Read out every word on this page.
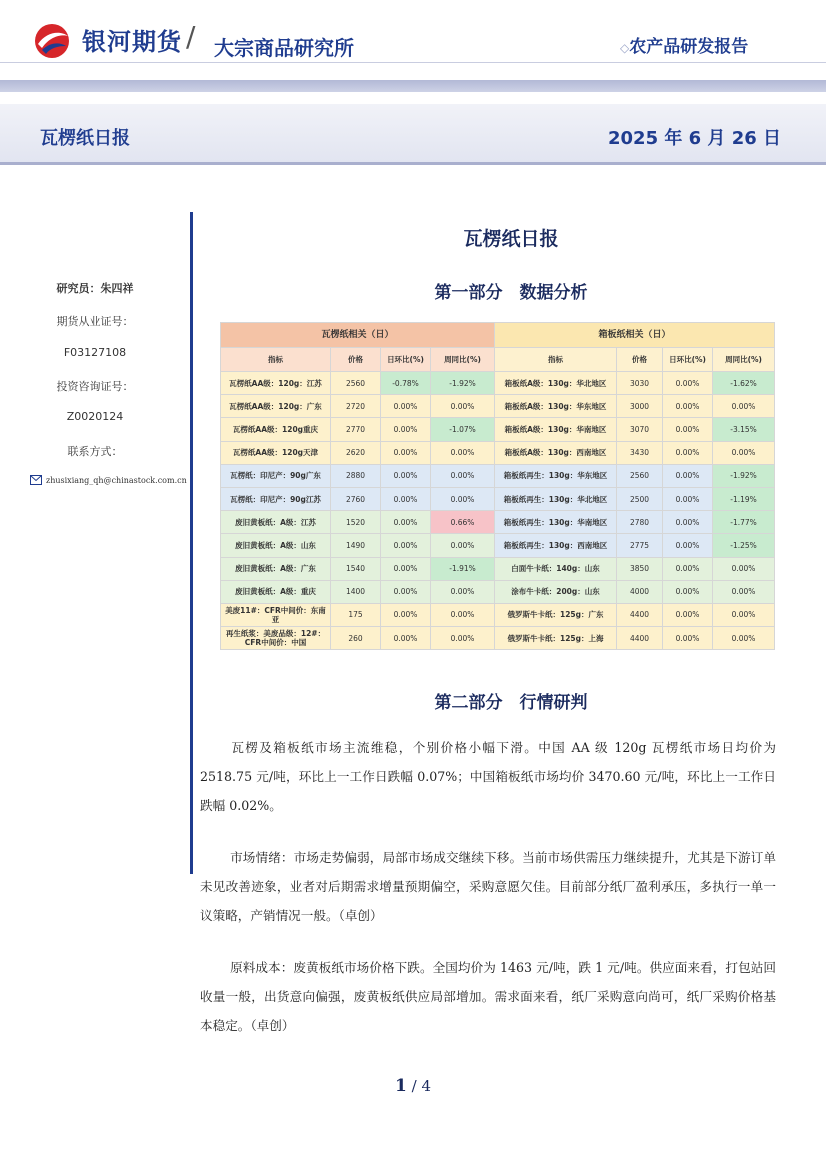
银河期货 / 大宗商品研究所	◇农产品研发报告
瓦楞纸日报	2025 年 6 月 26 日
研究员：朱四祥
期货从业证号：
F03127108
投资咨询证号：
Z0020124
联系方式：
zhusixiang_qh@chinastock.com.cn
瓦楞纸日报
第一部分　数据分析
瓦楞纸相关（日）				箱板纸相关（日）			
指标	价格	日环比(%)	周同比(%)	指标	价格	日环比(%)	周同比(%)
瓦楞纸AA级：120g：江苏	2560	-0.78%	-1.92%	箱板纸A级：130g：华北地区	3030	0.00%	-1.62%
瓦楞纸AA级：120g：广东	2720	0.00%	0.00%	箱板纸A级：130g：华东地区	3000	0.00%	0.00%
瓦楞纸AA级：120g重庆	2770	0.00%	-1.07%	箱板纸A级：130g：华南地区	3070	0.00%	-3.15%
瓦楞纸AA级：120g天津	2620	0.00%	0.00%	箱板纸A级：130g：西南地区	3430	0.00%	0.00%
瓦楞纸：印尼产：90g广东	2880	0.00%	0.00%	箱板纸再生：130g：华东地区	2560	0.00%	-1.92%
瓦楞纸：印尼产：90g江苏	2760	0.00%	0.00%	箱板纸再生：130g：华北地区	2500	0.00%	-1.19%
废旧黄板纸：A级：江苏	1520	0.00%	0.66%	箱板纸再生：130g：华南地区	2780	0.00%	-1.77%
废旧黄板纸：A级：山东	1490	0.00%	0.00%	箱板纸再生：130g：西南地区	2775	0.00%	-1.25%
废旧黄板纸：A级：广东	1540	0.00%	-1.91%	白面牛卡纸：140g：山东	3850	0.00%	0.00%
废旧黄板纸：A级：重庆	1400	0.00%	0.00%	涂布牛卡纸：200g：山东	4000	0.00%	0.00%
美废11#：CFR中间价：东南亚	175	0.00%	0.00%	俄罗斯牛卡纸：125g：广东	4400	0.00%	0.00%
再生纸浆：美废品级：12#：CFR中间价：中国	260	0.00%	0.00%	俄罗斯牛卡纸：125g：上海	4400	0.00%	0.00%
第二部分　行情研判
瓦楞及箱板纸市场主流维稳，个别价格小幅下滑。中国 AA 级 120g 瓦楞纸市场日均价为 2518.75 元/吨，环比上一工作日跌幅 0.07%；中国箱板纸市场均价 3470.60 元/吨，环比上一工作日跌幅 0.02%。
市场情绪：市场走势偏弱，局部市场成交继续下移。当前市场供需压力继续提升，尤其是下游订单未见改善迹象，业者对后期需求增量预期偏空，采购意愿欠佳。目前部分纸厂盈利承压，多执行一单一议策略，产销情况一般。（卓创）
原料成本：废黄板纸市场价格下跌。全国均价为 1463 元/吨，跌 1 元/吨。供应面来看，打包站回收量一般，出货意向偏强，废黄板纸供应局部增加。需求面来看，纸厂采购意向尚可，纸厂采购价格基本稳定。（卓创）
1 / 4
